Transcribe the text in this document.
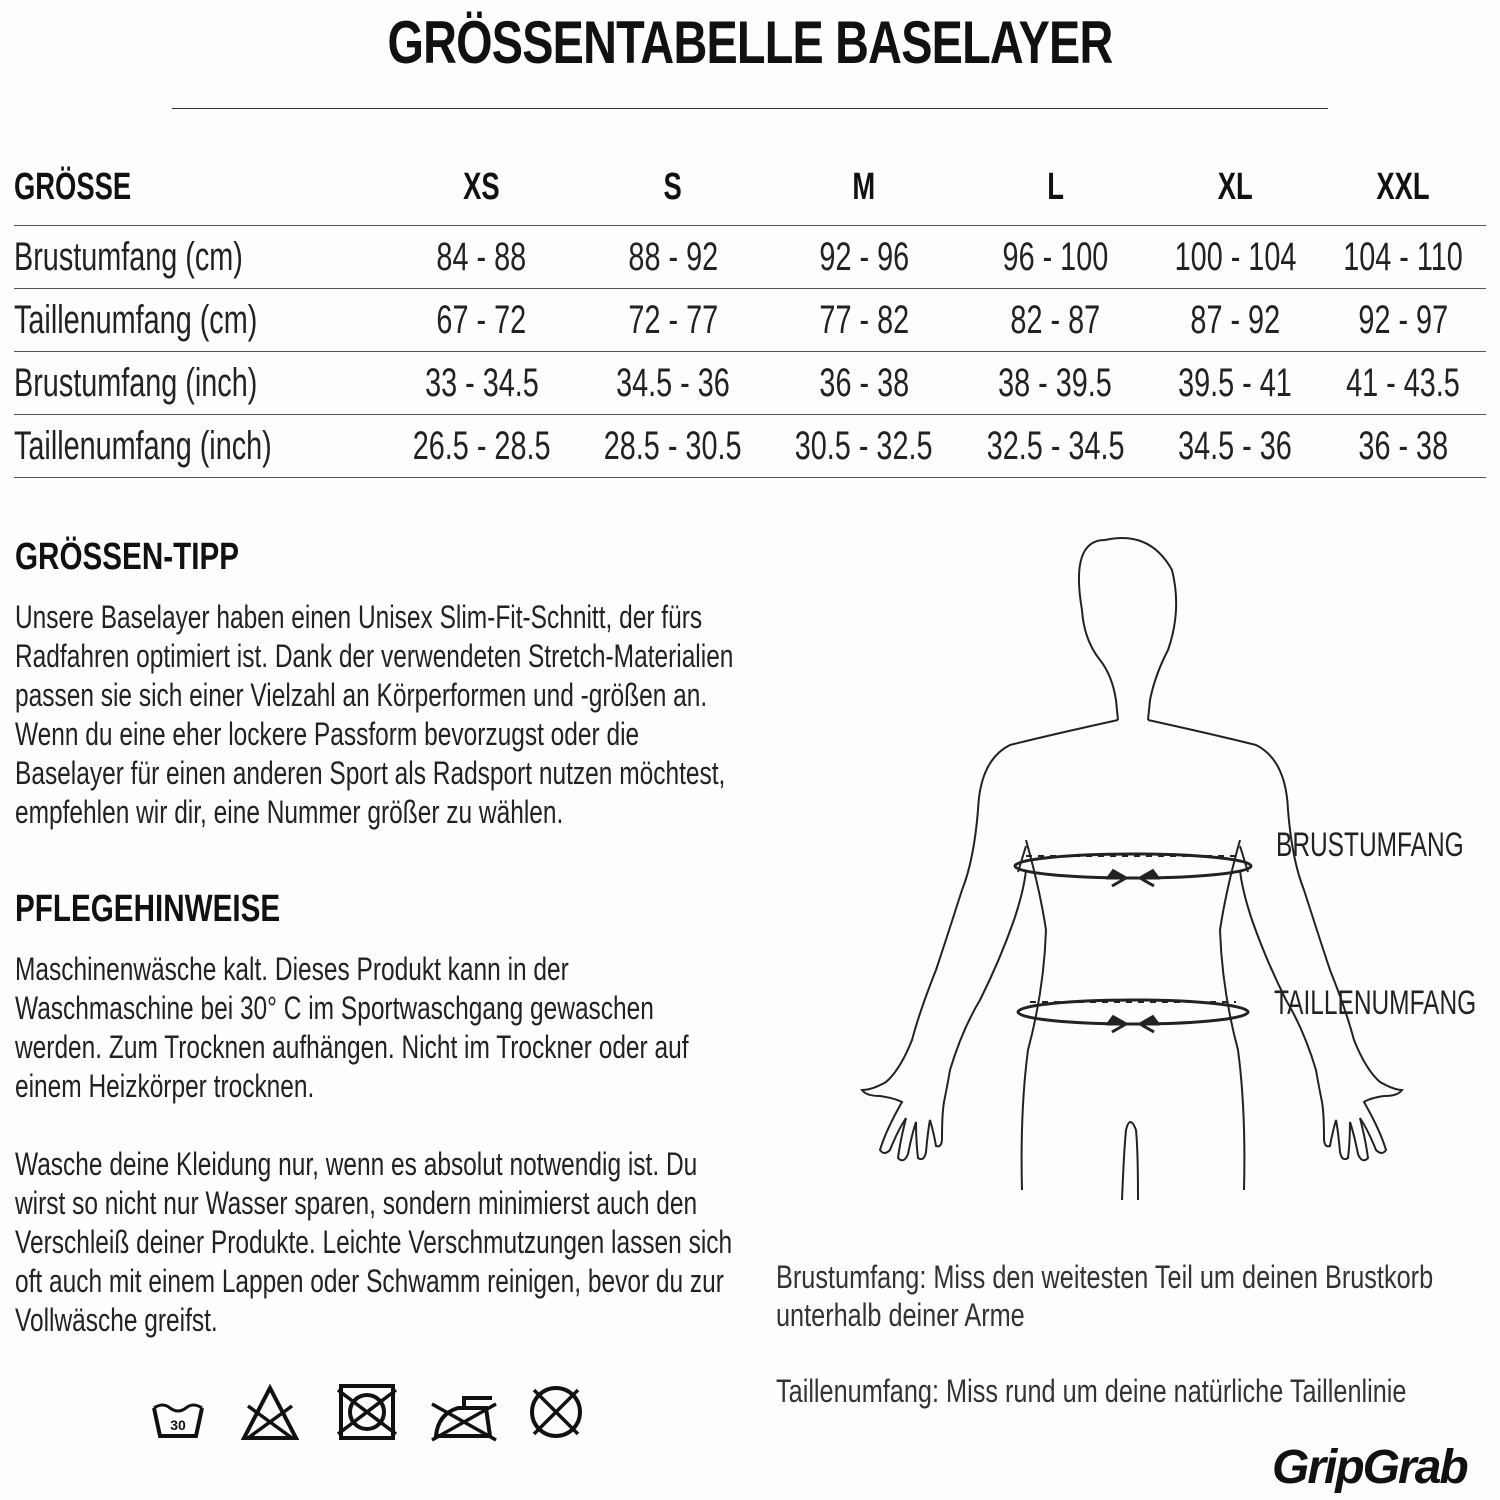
GRÖSSENTABELLE BASELAYER
GRÖSSE	XS	S	M	L	XL	XXL
Brustumfang (cm)	84 - 88	88 - 92	92 - 96	96 - 100	100 - 104	104 - 110
Taillenumfang (cm)	67 - 72	72 - 77	77 - 82	82 - 87	87 - 92	92 - 97
Brustumfang (inch)	33 - 34.5	34.5 - 36	36 - 38	38 - 39.5	39.5 - 41	41 - 43.5
Taillenumfang (inch)	26.5 - 28.5	28.5 - 30.5	30.5 - 32.5	32.5 - 34.5	34.5 - 36	36 - 38
GRÖSSEN-TIPP
Unsere Baselayer haben einen Unisex Slim-Fit-Schnitt, der fürs Radfahren optimiert ist. Dank der verwendeten Stretch-Materialien passen sie sich einer Vielzahl an Körperformen und -größen an. Wenn du eine eher lockere Passform bevorzugst oder die Baselayer für einen anderen Sport als Radsport nutzen möchtest, empfehlen wir dir, eine Nummer größer zu wählen.
PFLEGEHINWEISE
Maschinenwäsche kalt. Dieses Produkt kann in der Waschmaschine bei 30° C im Sportwaschgang gewaschen werden. Zum Trocknen aufhängen. Nicht im Trockner oder auf einem Heizkörper trocknen.
Wasche deine Kleidung nur, wenn es absolut notwendig ist. Du wirst so nicht nur Wasser sparen, sondern minimierst auch den Verschleiß deiner Produkte. Leichte Verschmutzungen lassen sich oft auch mit einem Lappen oder Schwamm reinigen, bevor du zur Vollwäsche greifst.
30
BRUSTUMFANG
TAILLENUMFANG
Brustumfang: Miss den weitesten Teil um deinen Brustkorb unterhalb deiner Arme
Taillenumfang: Miss rund um deine natürliche Taillenlinie
GripGrab
